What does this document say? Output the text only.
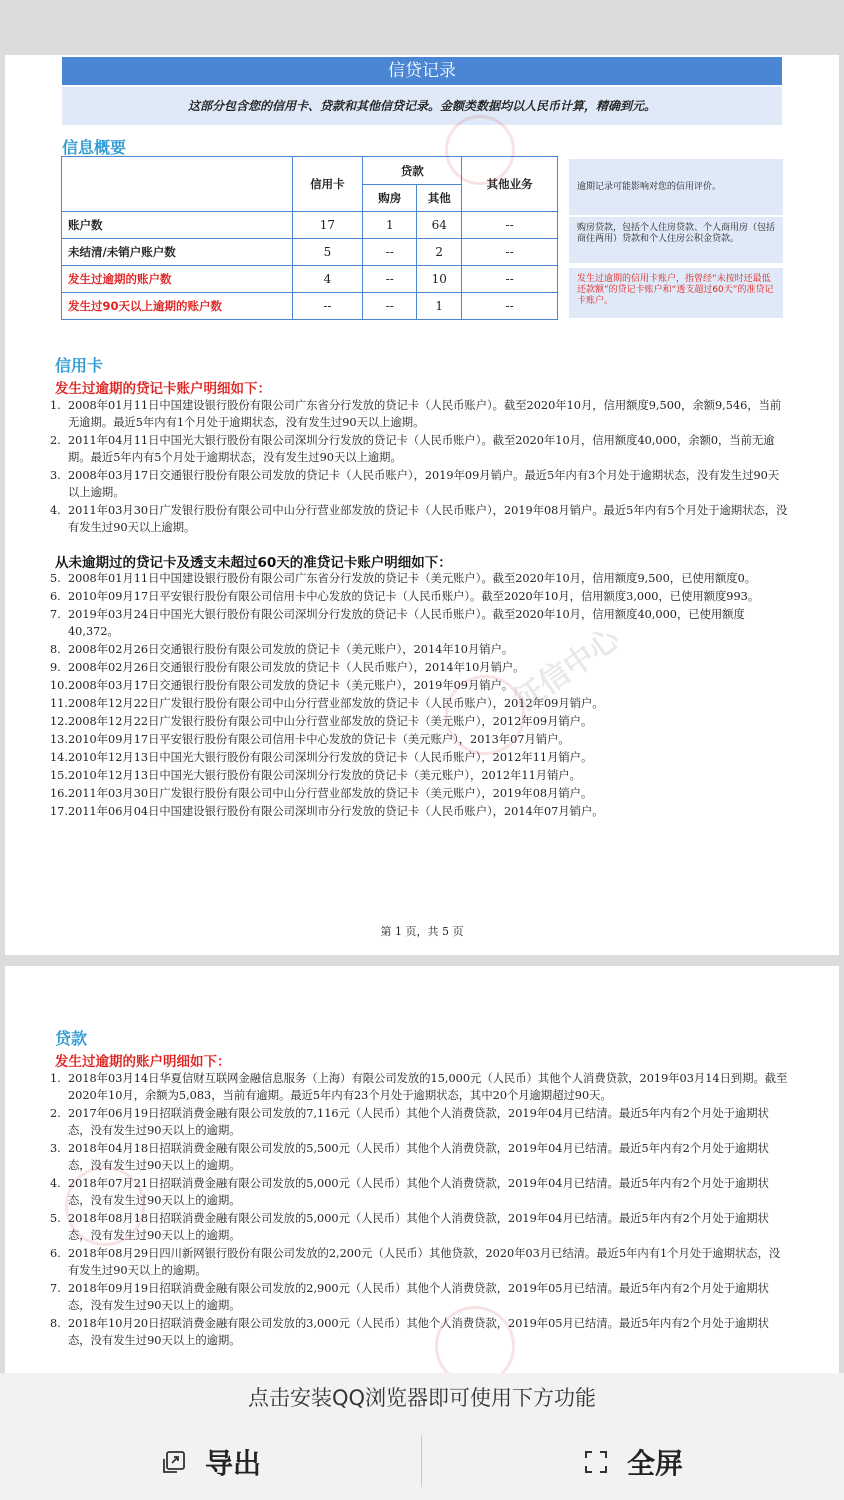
信贷记录
这部分包含您的信用卡、贷款和其他信贷记录。金额类数据均以人民币计算，精确到元。
信息概要
	信用卡	贷款		其他业务
		购房	其他	
账户数	17	1	64	--
未结清/未销户账户数	5	--	2	--
发生过逾期的账户数	4	--	10	--
发生过90天以上逾期的账户数	--	--	1	--
逾期记录可能影响对您的信用评价。
购房贷款，包括个人住房贷款、个人商用房（包括商住两用）贷款和个人住房公积金贷款。
发生过逾期的信用卡账户，指曾经“未按时还最低还款额”的贷记卡账户和“透支超过60天”的准贷记卡账户。
信用卡
发生过逾期的贷记卡账户明细如下：
1. 2008年01月11日中国建设银行股份有限公司广东省分行发放的贷记卡（人民币账户）。截至2020年10月，信用额度9,500，余额9,546，当前无逾期。最近5年内有1个月处于逾期状态，没有发生过90天以上逾期。
2. 2011年04月11日中国光大银行股份有限公司深圳分行发放的贷记卡（人民币账户）。截至2020年10月，信用额度40,000，余额0，当前无逾期。最近5年内有5个月处于逾期状态，没有发生过90天以上逾期。
3. 2008年03月17日交通银行股份有限公司发放的贷记卡（人民币账户），2019年09月销户。最近5年内有3个月处于逾期状态，没有发生过90天以上逾期。
4. 2011年03月30日广发银行股份有限公司中山分行营业部发放的贷记卡（人民币账户），2019年08月销户。最近5年内有5个月处于逾期状态，没有发生过90天以上逾期。
从未逾期过的贷记卡及透支未超过60天的准贷记卡账户明细如下：
5. 2008年01月11日中国建设银行股份有限公司广东省分行发放的贷记卡（美元账户）。截至2020年10月，信用额度9,500，已使用额度0。
6. 2010年09月17日平安银行股份有限公司信用卡中心发放的贷记卡（人民币账户）。截至2020年10月，信用额度3,000，已使用额度993。
7. 2019年03月24日中国光大银行股份有限公司深圳分行发放的贷记卡（人民币账户）。截至2020年10月，信用额度40,000，已使用额度40,372。
8. 2008年02月26日交通银行股份有限公司发放的贷记卡（美元账户），2014年10月销户。
9. 2008年02月26日交通银行股份有限公司发放的贷记卡（人民币账户），2014年10月销户。
10. 2008年03月17日交通银行股份有限公司发放的贷记卡（美元账户），2019年09月销户。
11. 2008年12月22日广发银行股份有限公司中山分行营业部发放的贷记卡（人民币账户），2012年09月销户。
12. 2008年12月22日广发银行股份有限公司中山分行营业部发放的贷记卡（美元账户），2012年09月销户。
13. 2010年09月17日平安银行股份有限公司信用卡中心发放的贷记卡（美元账户），2013年07月销户。
14. 2010年12月13日中国光大银行股份有限公司深圳分行发放的贷记卡（人民币账户），2012年11月销户。
15. 2010年12月13日中国光大银行股份有限公司深圳分行发放的贷记卡（美元账户），2012年11月销户。
16. 2011年03月30日广发银行股份有限公司中山分行营业部发放的贷记卡（美元账户），2019年08月销户。
17. 2011年06月04日中国建设银行股份有限公司深圳市分行发放的贷记卡（人民币账户），2014年07月销户。
第 1 页，共 5 页
征信中心
贷款
发生过逾期的账户明细如下：
1. 2018年03月14日华夏信财互联网金融信息服务（上海）有限公司发放的15,000元（人民币）其他个人消费贷款，2019年03月14日到期。截至2020年10月，余额为5,083，当前有逾期。最近5年内有23个月处于逾期状态，其中20个月逾期超过90天。
2. 2017年06月19日招联消费金融有限公司发放的7,116元（人民币）其他个人消费贷款，2019年04月已结清。最近5年内有2个月处于逾期状态，没有发生过90天以上的逾期。
3. 2018年04月18日招联消费金融有限公司发放的5,500元（人民币）其他个人消费贷款，2019年04月已结清。最近5年内有2个月处于逾期状态，没有发生过90天以上的逾期。
4. 2018年07月21日招联消费金融有限公司发放的5,000元（人民币）其他个人消费贷款，2019年04月已结清。最近5年内有2个月处于逾期状态，没有发生过90天以上的逾期。
5. 2018年08月18日招联消费金融有限公司发放的5,000元（人民币）其他个人消费贷款，2019年04月已结清。最近5年内有2个月处于逾期状态，没有发生过90天以上的逾期。
6. 2018年08月29日四川新网银行股份有限公司发放的2,200元（人民币）其他贷款，2020年03月已结清。最近5年内有1个月处于逾期状态，没有发生过90天以上的逾期。
7. 2018年09月19日招联消费金融有限公司发放的2,900元（人民币）其他个人消费贷款，2019年05月已结清。最近5年内有2个月处于逾期状态，没有发生过90天以上的逾期。
8. 2018年10月20日招联消费金融有限公司发放的3,000元（人民币）其他个人消费贷款，2019年05月已结清。最近5年内有2个月处于逾期状态，没有发生过90天以上的逾期。
点击安装QQ浏览器即可使用下方功能
导出	全屏
